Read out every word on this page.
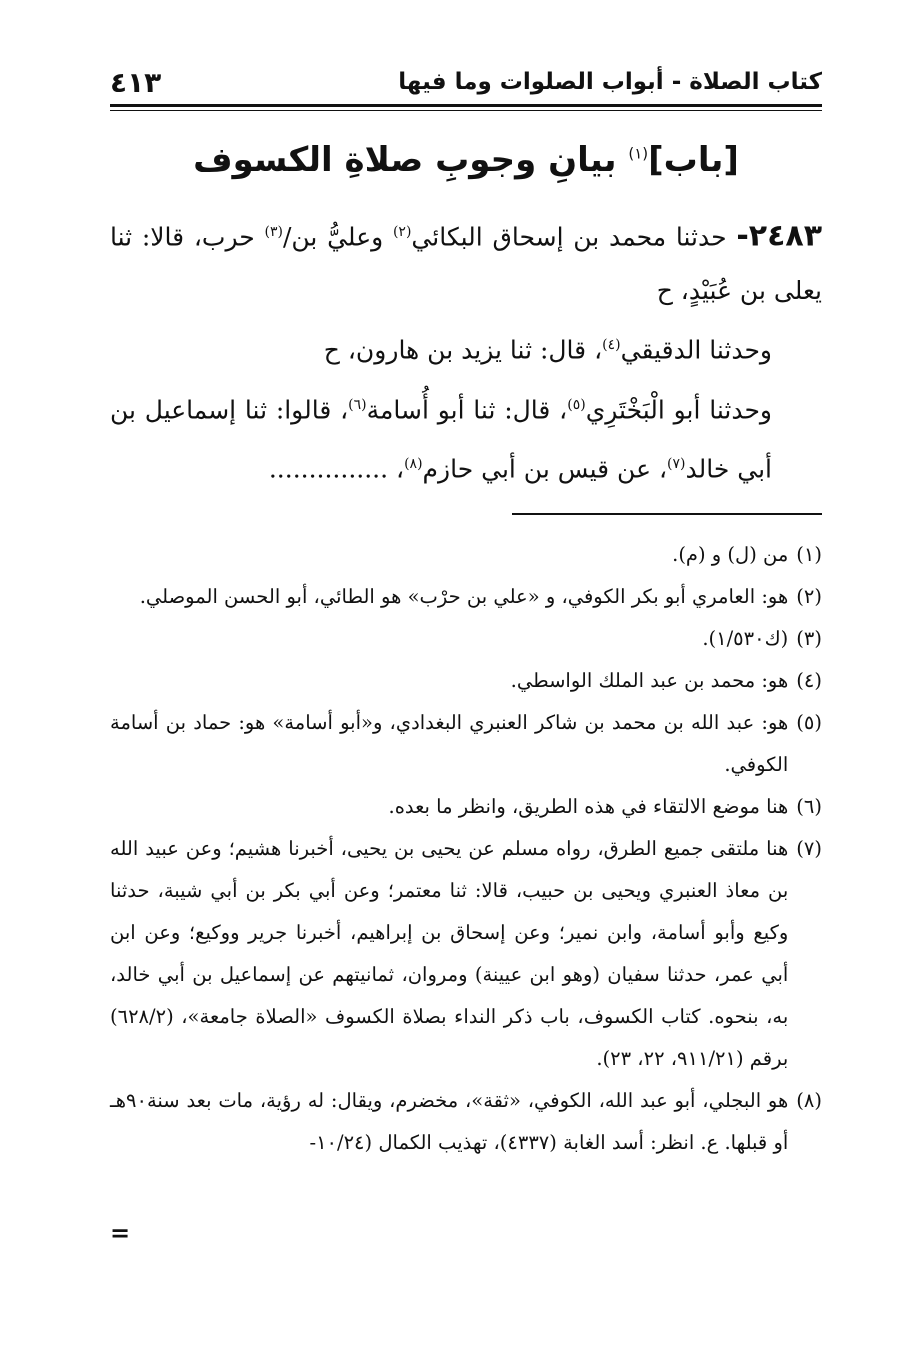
كتاب الصلاة - أبواب الصلوات وما فيها
٤١٣
[باب]$^{(١)}$ بيانِ وجوبِ صلاةِ الكسوف

٢٤٨٣- حدثنا محمد بن إسحاق البكائي$^{(٢)}$ وعليُّ بن/$^{(٣)}$ حرب، قالا: ثنا يعلى بن عُبَيْدٍ، ح

وحدثنا الدقيقي$^{(٤)}$، قال: ثنا يزيد بن هارون، ح

وحدثنا أبو الْبَخْتَرِي$^{(٥)}$، قال: ثنا أبو أُسامة$^{(٦)}$، قالوا: ثنا إسماعيل بن أبي خالد$^{(٧)}$، عن قيس بن أبي حازم$^{(٨)}$، ...............

(١)
من (ل) و (م).
(٢)
هو: العامري أبو بكر الكوفي، و «علي بن حرْب» هو الطائي، أبو الحسن الموصلي.
(٣)
(ك١/٥٣٠).
(٤)
هو: محمد بن عبد الملك الواسطي.
(٥)
هو: عبد الله بن محمد بن شاكر العنبري البغدادي، و«أبو أسامة» هو: حماد بن أسامة الكوفي.
(٦)
هنا موضع الالتقاء في هذه الطريق، وانظر ما بعده.
(٧)
هنا ملتقى جميع الطرق، رواه مسلم عن يحيى بن يحيى، أخبرنا هشيم؛ وعن عبيد الله بن معاذ العنبري ويحيى بن حبيب، قالا: ثنا معتمر؛ وعن أبي بكر بن أبي شيبة، حدثنا وكيع وأبو أسامة، وابن نمير؛ وعن إسحاق بن إبراهيم، أخبرنا جرير ووكيع؛ وعن ابن أبي عمر، حدثنا سفيان (وهو ابن عيينة) ومروان، ثمانيتهم عن إسماعيل بن أبي خالد، به، بنحوه. كتاب الكسوف، باب ذكر النداء بصلاة الكسوف «الصلاة جامعة»، (٦٢٨/٢) برقم (٩١١/٢١، ٢٢، ٢٣).
(٨)
هو البجلي، أبو عبد الله، الكوفي، «ثقة»، مخضرم، ويقال: له رؤية، مات بعد سنة٩٠هـ أو قبلها. ع. انظر: أسد الغابة (٤٣٣٧)، تهذيب الكمال (١٠/٢٤-
=
